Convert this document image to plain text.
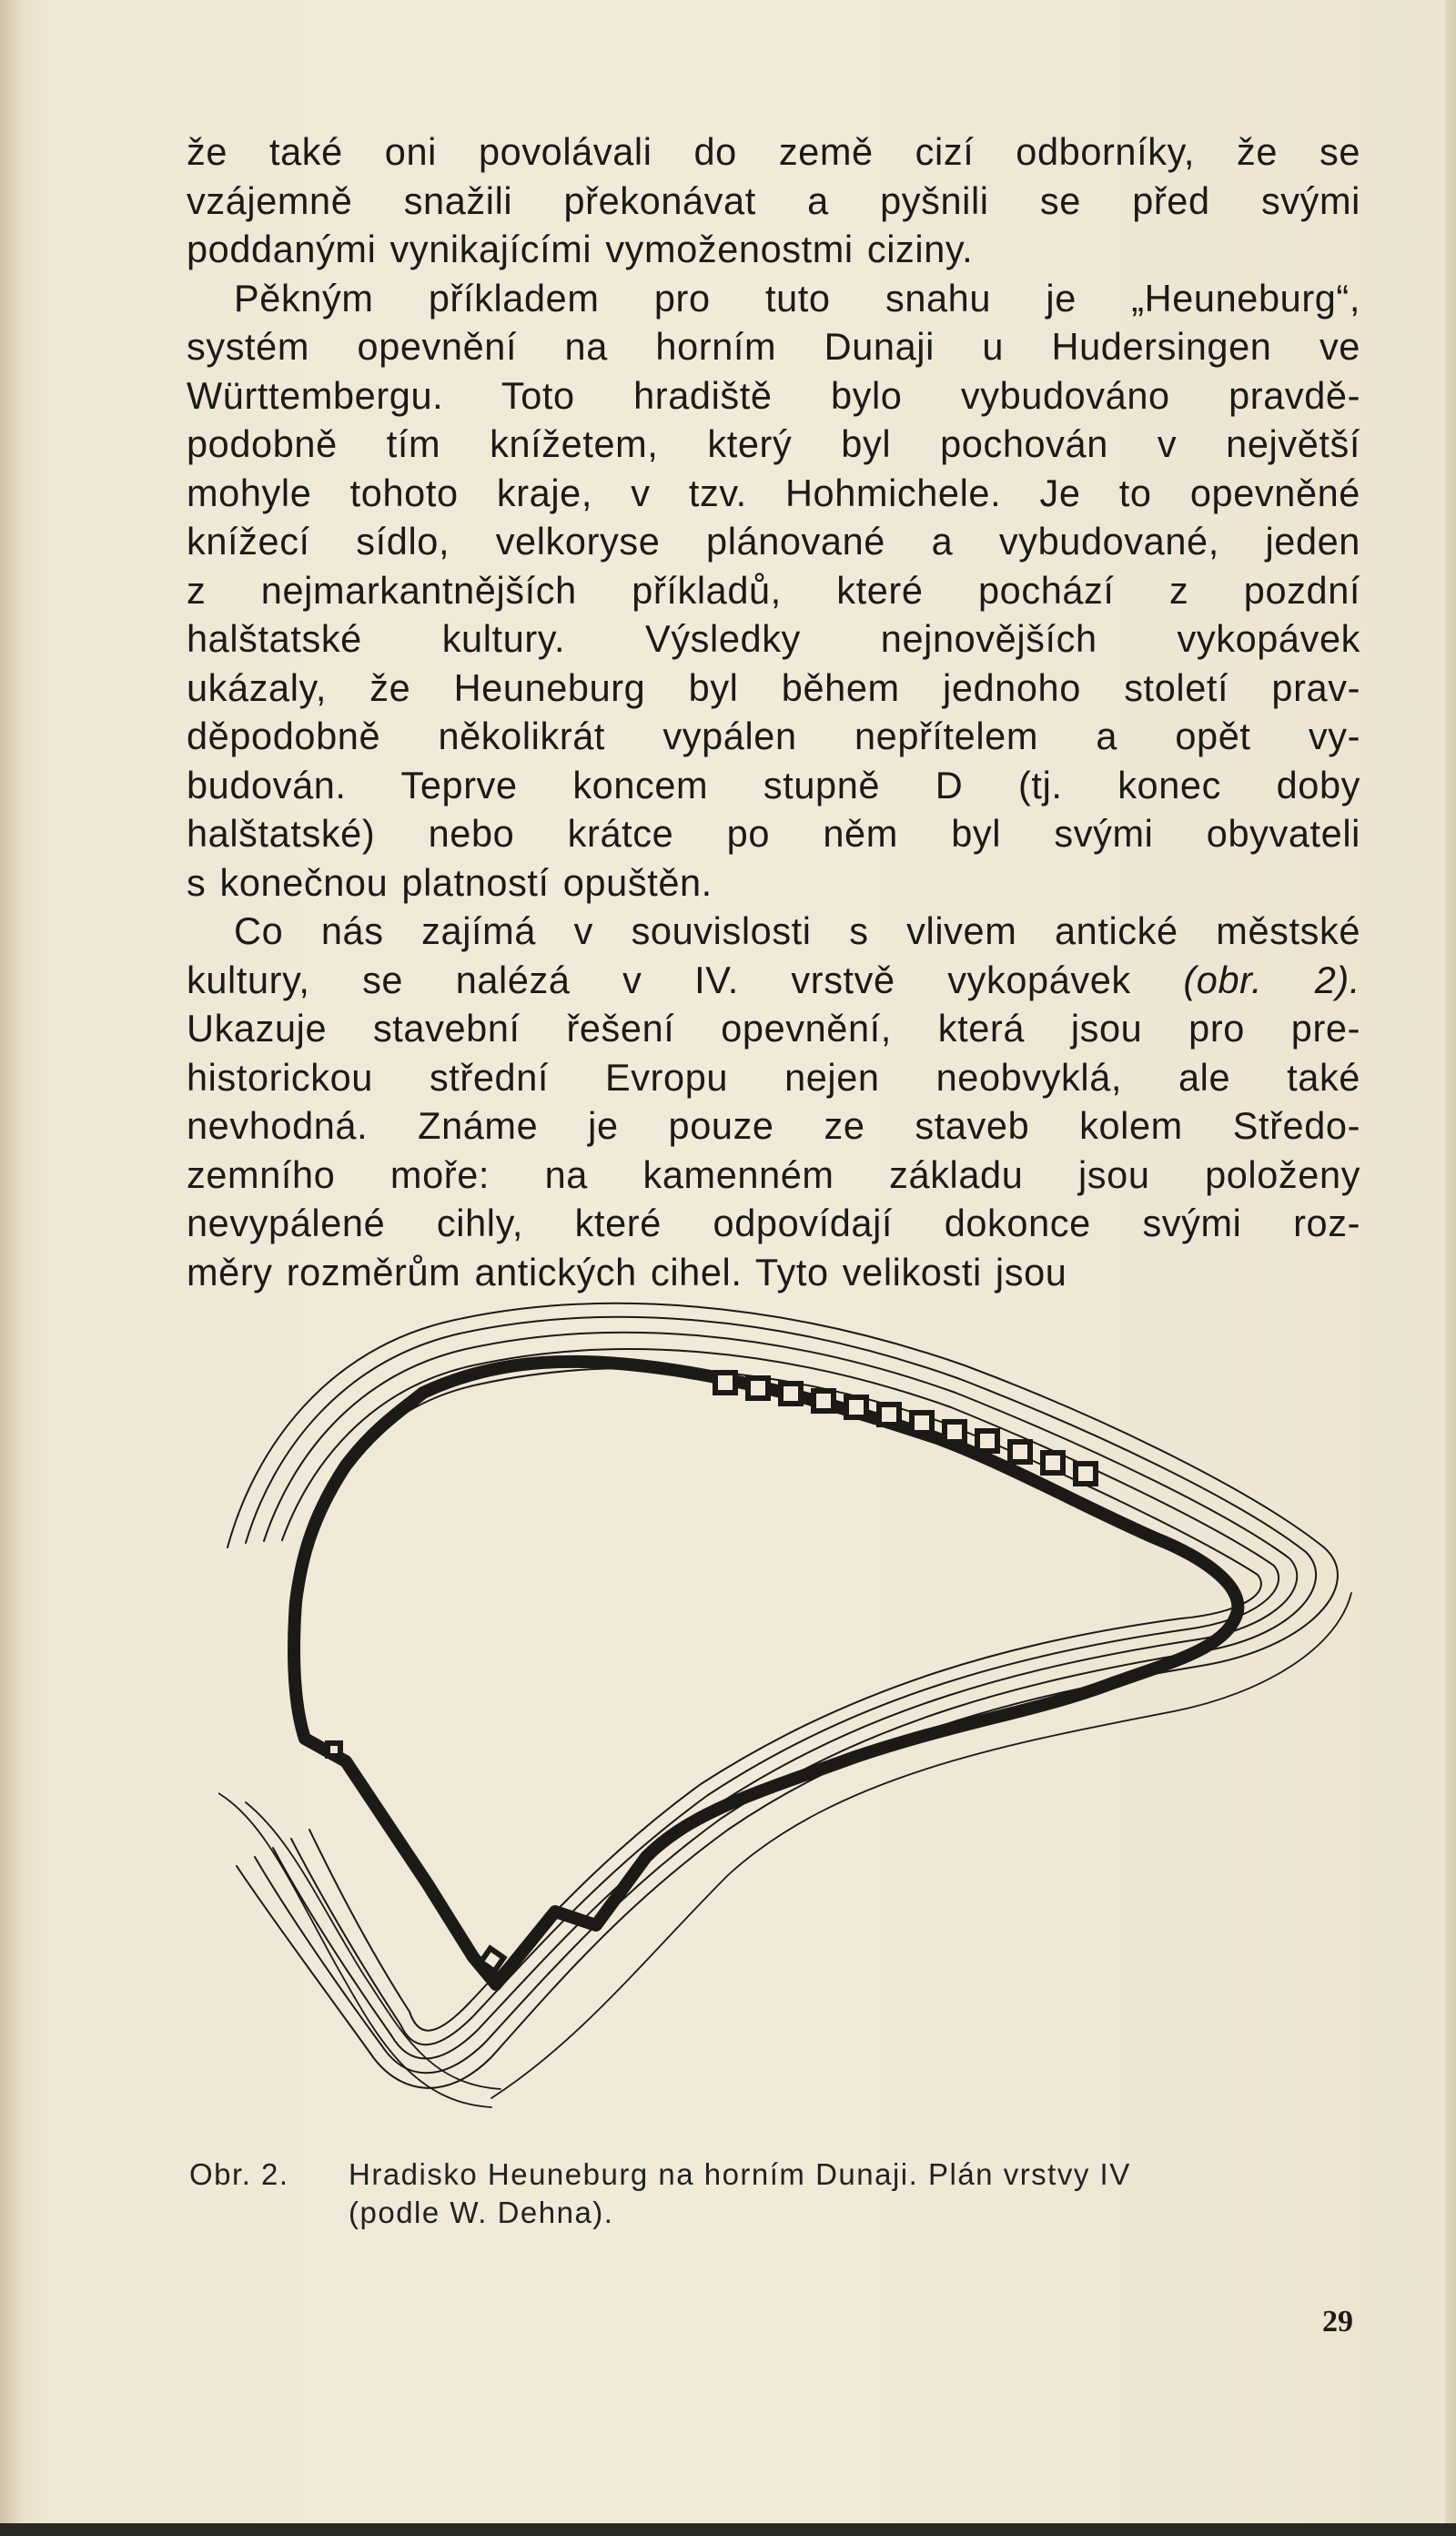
že také oni povolávali do země cizí odborníky, že se
vzájemně snažili překonávat a pyšnili se před svými
poddanými vynikajícími vymoženostmi ciziny.

Pěkným příkladem pro tuto snahu je „Heuneburg“,
systém opevnění na horním Dunaji u Hudersingen ve
Württembergu. Toto hradiště bylo vybudováno pravdě-
podobně tím knížetem, který byl pochován v největší
mohyle tohoto kraje, v tzv. Hohmichele. Je to opevněné
knížecí sídlo, velkoryse plánované a vybudované, jeden
z nejmarkantnějších příkladů, které pochází z pozdní
halštatské kultury. Výsledky nejnovějších vykopávek
ukázaly, že Heuneburg byl během jednoho století prav-
děpodobně několikrát vypálen nepřítelem a opět vy-
budován. Teprve koncem stupně D (tj. konec doby
halštatské) nebo krátce po něm byl svými obyvateli
s konečnou platností opuštěn.

Co nás zajímá v souvislosti s vlivem antické městské
kultury, se nalézá v IV. vrstvě vykopávek (obr. 2).
Ukazuje stavební řešení opevnění, která jsou pro pre-
historickou střední Evropu nejen neobvyklá, ale také
nevhodná. Známe je pouze ze staveb kolem Středo-
zemního moře: na kamenném základu jsou položeny
nevypálené cihly, které odpovídají dokonce svými roz-
měry rozměrům antických cihel. Tyto velikosti jsou

Obr. 2.	Hradisko Heuneburg na horním Dunaji. Plán vrstvy IV
(podle W. Dehna).
29
